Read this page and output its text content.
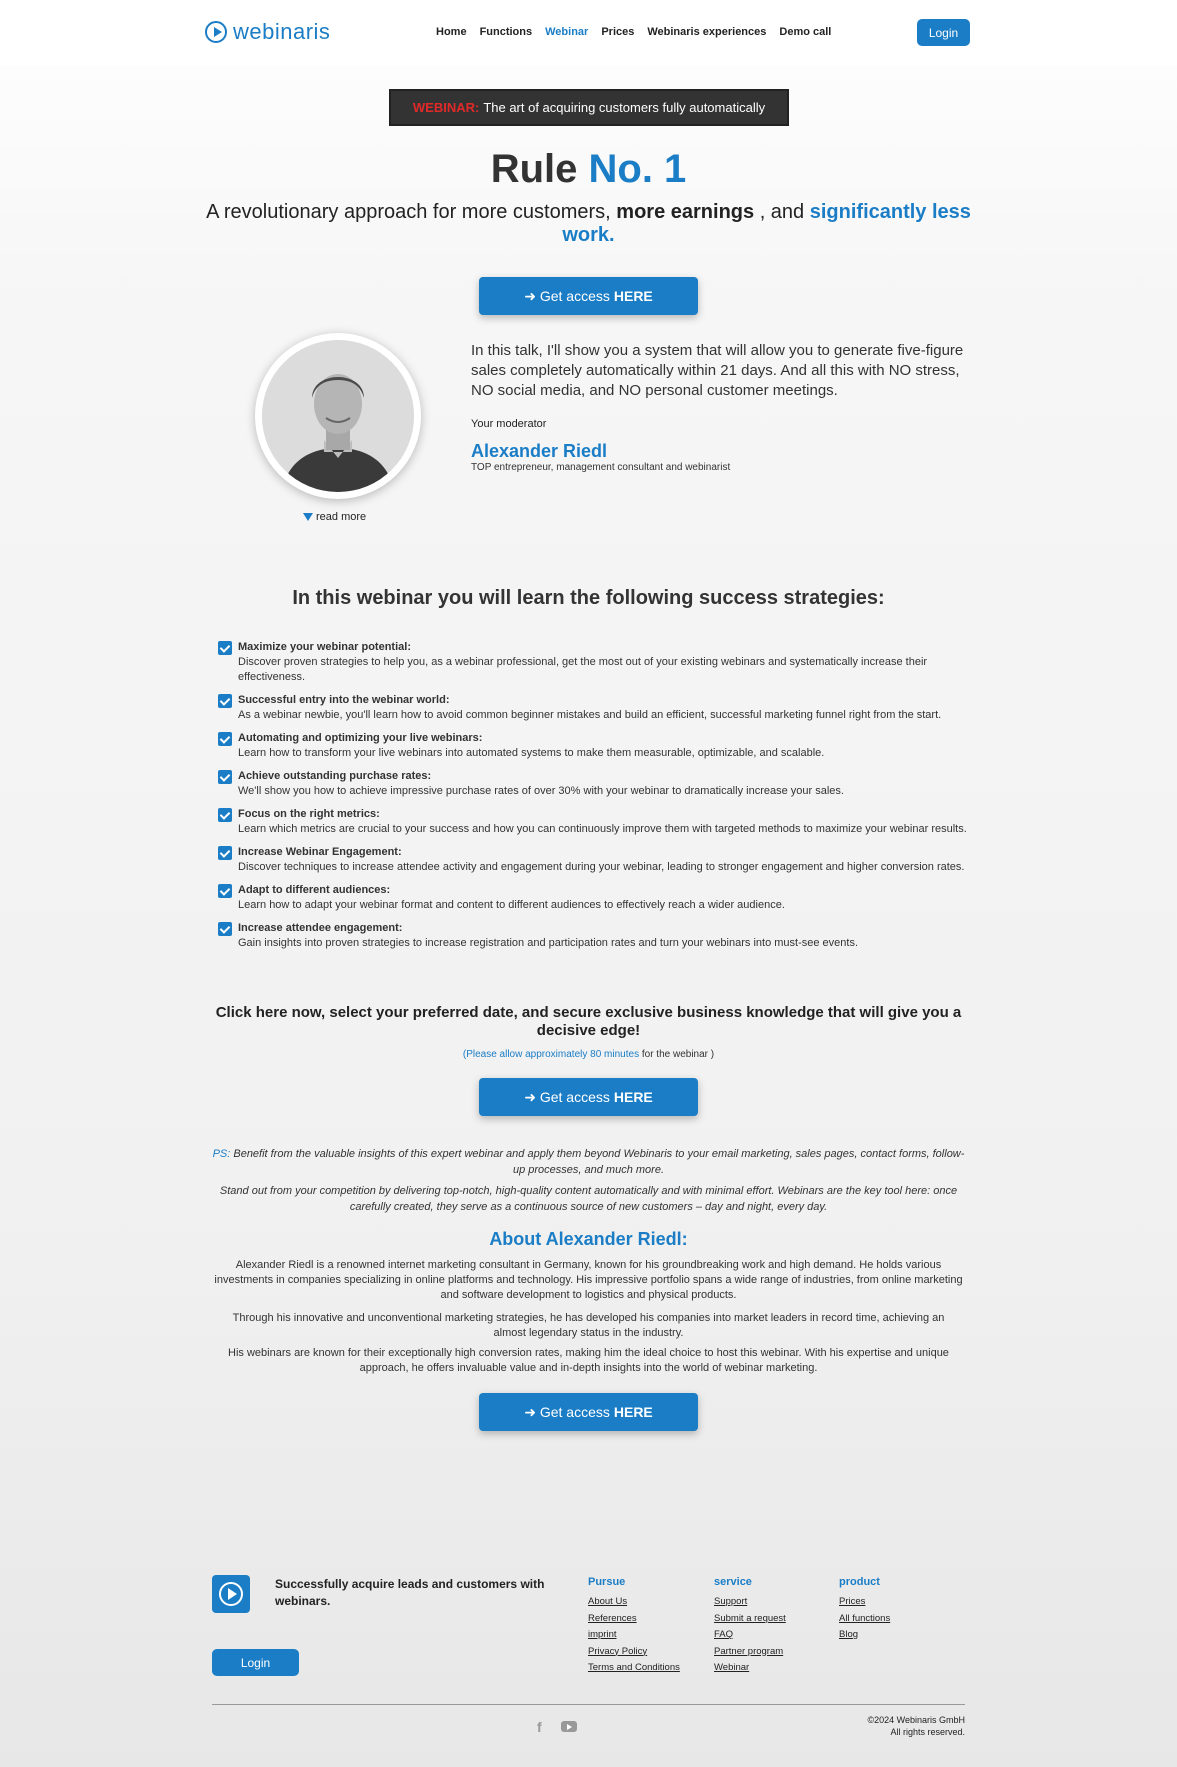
webinaris	Home Functions Webinar Prices Webinaris experiences Demo call	Login
WEBINAR: The art of acquiring customers fully automatically
Rule No. 1
A revolutionary approach for more customers, more earnings , and significantly less work.
➜ Get access HERE
read more
In this talk, I'll show you a system that will allow you to generate five-figure sales completely automatically within 21 days. And all this with NO stress, NO social media, and NO personal customer meetings.
Your moderator
Alexander Riedl
TOP entrepreneur, management consultant and webinarist
In this webinar you will learn the following success strategies:
Maximize your webinar potential:
Discover proven strategies to help you, as a webinar professional, get the most out of your existing webinars and systematically increase their effectiveness.
Successful entry into the webinar world:
As a webinar newbie, you'll learn how to avoid common beginner mistakes and build an efficient, successful marketing funnel right from the start.
Automating and optimizing your live webinars:
Learn how to transform your live webinars into automated systems to make them measurable, optimizable, and scalable.
Achieve outstanding purchase rates:
We'll show you how to achieve impressive purchase rates of over 30% with your webinar to dramatically increase your sales.
Focus on the right metrics:
Learn which metrics are crucial to your success and how you can continuously improve them with targeted methods to maximize your webinar results.
Increase Webinar Engagement:
Discover techniques to increase attendee activity and engagement during your webinar, leading to stronger engagement and higher conversion rates.
Adapt to different audiences:
Learn how to adapt your webinar format and content to different audiences to effectively reach a wider audience.
Increase attendee engagement:
Gain insights into proven strategies to increase registration and participation rates and turn your webinars into must-see events.
Click here now, select your preferred date, and secure exclusive business knowledge that will give you a decisive edge!
(Please allow approximately 80 minutes for the webinar )
➜ Get access HERE
PS: Benefit from the valuable insights of this expert webinar and apply them beyond Webinaris to your email marketing, sales pages, contact forms, follow-up processes, and much more.
Stand out from your competition by delivering top-notch, high-quality content automatically and with minimal effort. Webinars are the key tool here: once carefully created, they serve as a continuous source of new customers – day and night, every day.
About Alexander Riedl:

Alexander Riedl is a renowned internet marketing consultant in Germany, known for his groundbreaking work and high demand. He holds various investments in companies specializing in online platforms and technology. His impressive portfolio spans a wide range of industries, from online marketing and software development to logistics and physical products.

Through his innovative and unconventional marketing strategies, he has developed his companies into market leaders in record time, achieving an almost legendary status in the industry.

His webinars are known for their exceptionally high conversion rates, making him the ideal choice to host this webinar. With his expertise and unique approach, he offers invaluable value and in-depth insights into the world of webinar marketing.

➜ Get access HERE
Successfully acquire leads and customers with webinars.
Login
Pursue
About Us
References
imprint
Privacy Policy
Terms and Conditions
service
Support
Submit a request
FAQ
Partner program
Webinar
product
Prices
All functions
Blog
f	©2024 Webinaris GmbH
All rights reserved.
